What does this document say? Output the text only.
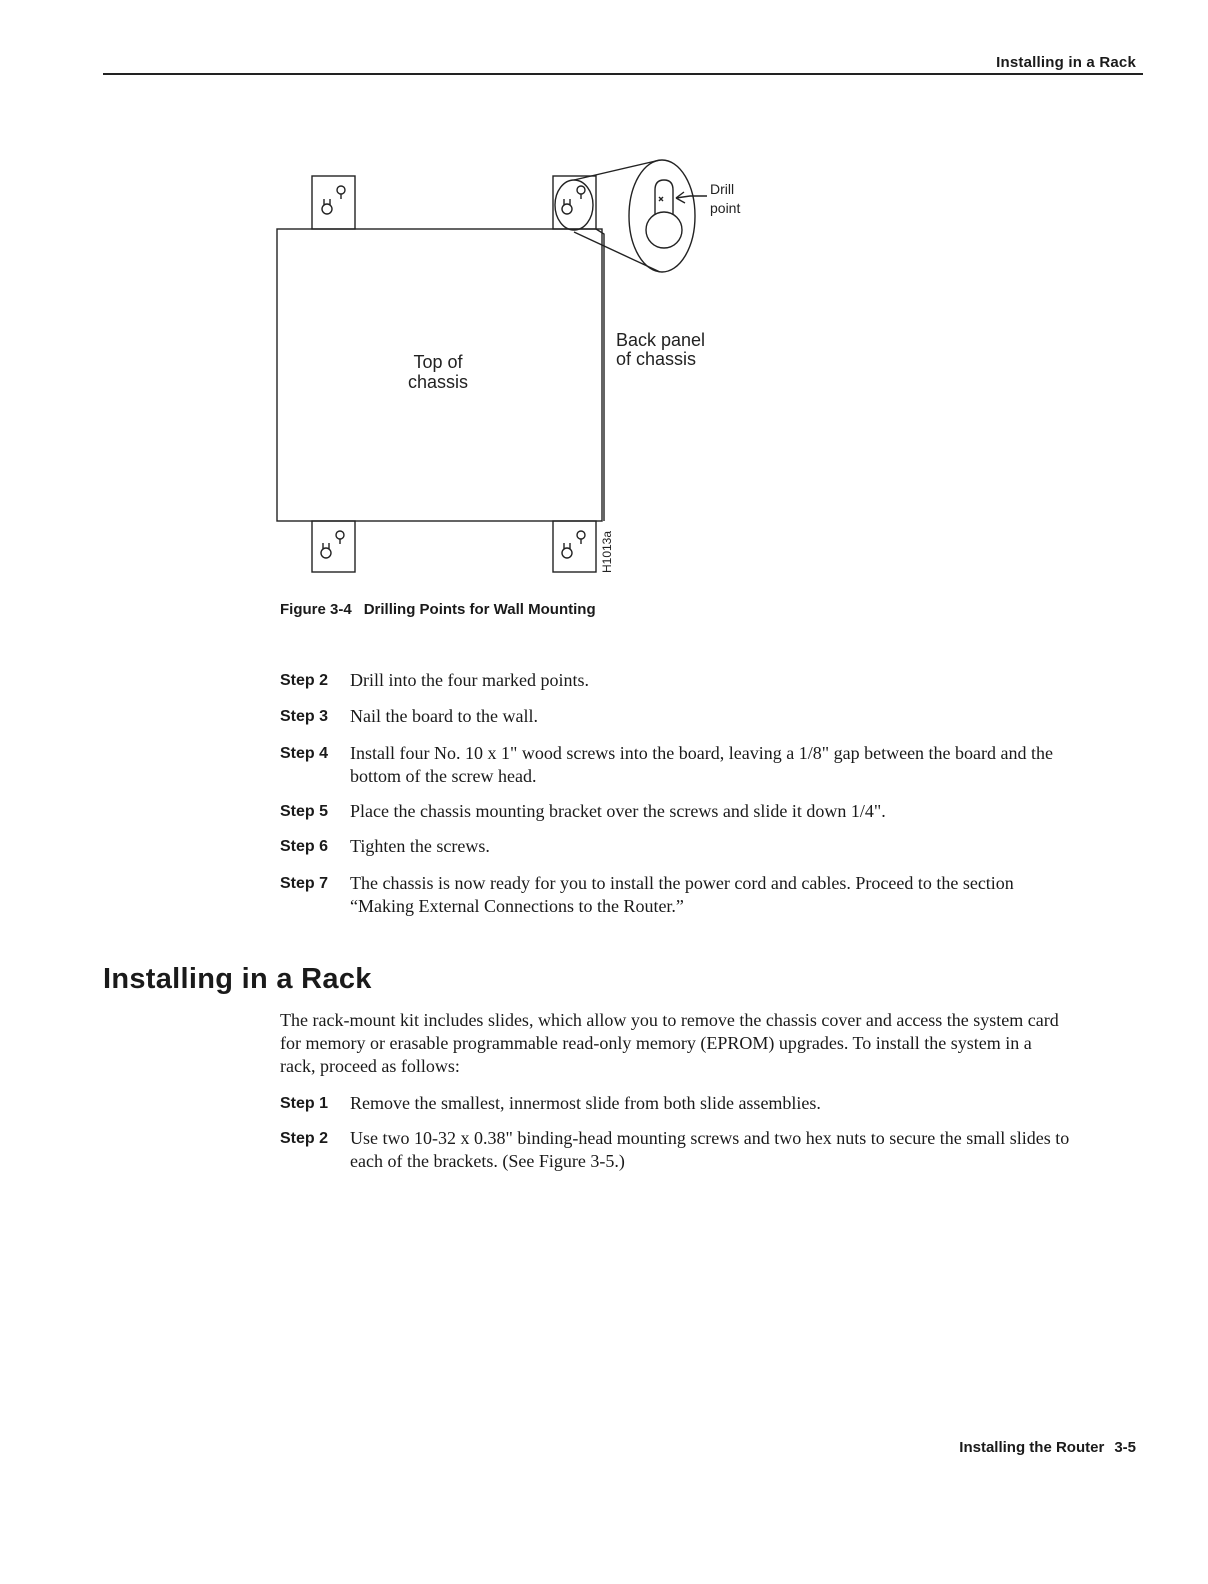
Installing in a Rack
Drill
point
Back panel
of chassis
Top of
chassis
H1013a
Figure 3-4 Drilling Points for Wall Mounting
Step 2	Drill into the four marked points.
Step 3	Nail the board to the wall.
Step 4	Install four No. 10 x 1" wood screws into the board, leaving a 1/8" gap between the board and the bottom of the screw head.
Step 5	Place the chassis mounting bracket over the screws and slide it down 1/4".
Step 6	Tighten the screws.
Step 7	The chassis is now ready for you to install the power cord and cables. Proceed to the section “Making External Connections to the Router.”
Installing in a Rack
The rack-mount kit includes slides, which allow you to remove the chassis cover and access the system card for memory or erasable programmable read-only memory (EPROM) upgrades. To install the system in a rack, proceed as follows:
Step 1	Remove the smallest, innermost slide from both slide assemblies.
Step 2	Use two 10-32 x 0.38" binding-head mounting screws and two hex nuts to secure the small slides to each of the brackets. (See Figure 3-5.)
Installing the Router 3-5
